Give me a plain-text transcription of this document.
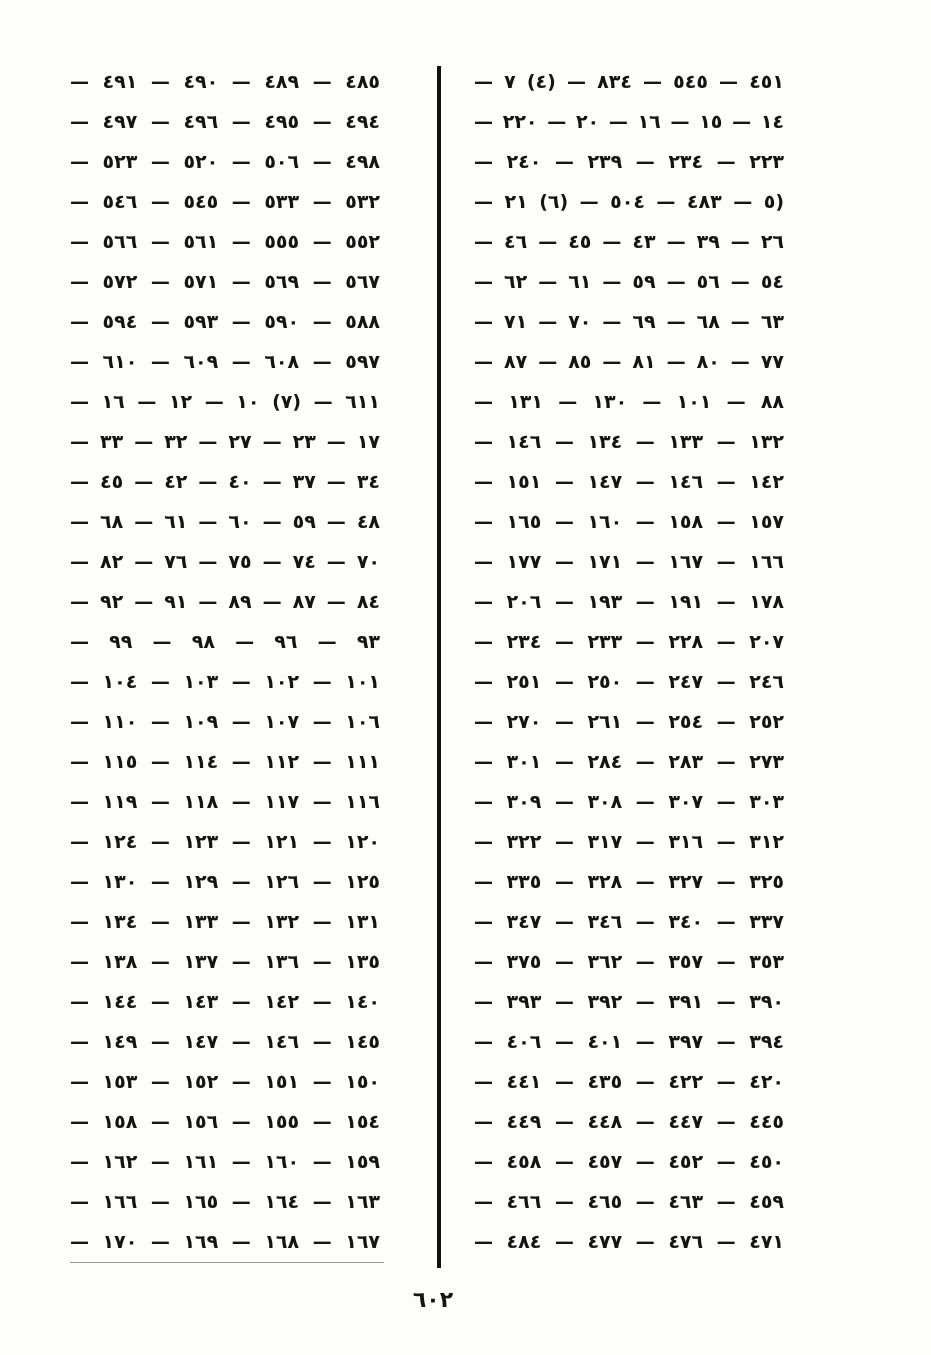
٤٥١ — ٥٤٥ — ٨٣٤ — (٤) ٧ —
١٤ — ١٥ — ١٦ — ٢٠ — ٢٢٠ —
٢٢٣ — ٢٣٤ — ٢٣٩ — ٢٤٠ —
(٥ — ٤٨٣ — ٥٠٤ — (٦) ٢١ —
٢٦ — ٣٩ — ٤٣ — ٤٥ — ٤٦ —
٥٤ — ٥٦ — ٥٩ — ٦١ — ٦٢ —
٦٣ — ٦٨ — ٦٩ — ٧٠ — ٧١ —
٧٧ — ٨٠ — ٨١ — ٨٥ — ٨٧ —
٨٨ — ١٠١ — ١٣٠ — ١٣١ —
١٣٢ — ١٣٣ — ١٣٤ — ١٤٦ —
١٤٢ — ١٤٦ — ١٤٧ — ١٥١ —
١٥٧ — ١٥٨ — ١٦٠ — ١٦٥ —
١٦٦ — ١٦٧ — ١٧١ — ١٧٧ —
١٧٨ — ١٩١ — ١٩٣ — ٢٠٦ —
٢٠٧ — ٢٢٨ — ٢٣٣ — ٢٣٤ —
٢٤٦ — ٢٤٧ — ٢٥٠ — ٢٥١ —
٢٥٢ — ٢٥٤ — ٢٦١ — ٢٧٠ —
٢٧٣ — ٢٨٣ — ٢٨٤ — ٣٠١ —
٣٠٣ — ٣٠٧ — ٣٠٨ — ٣٠٩ —
٣١٢ — ٣١٦ — ٣١٧ — ٣٢٢ —
٣٢٥ — ٣٢٧ — ٣٢٨ — ٣٣٥ —
٣٣٧ — ٣٤٠ — ٣٤٦ — ٣٤٧ —
٣٥٣ — ٣٥٧ — ٣٦٢ — ٣٧٥ —
٣٩٠ — ٣٩١ — ٣٩٢ — ٣٩٣ —
٣٩٤ — ٣٩٧ — ٤٠١ — ٤٠٦ —
٤٢٠ — ٤٢٢ — ٤٣٥ — ٤٤١ —
٤٤٥ — ٤٤٧ — ٤٤٨ — ٤٤٩ —
٤٥٠ — ٤٥٢ — ٤٥٧ — ٤٥٨ —
٤٥٩ — ٤٦٣ — ٤٦٥ — ٤٦٦ —
٤٧١ — ٤٧٦ — ٤٧٧ — ٤٨٤ —
٤٨٥ — ٤٨٩ — ٤٩٠ — ٤٩١ —
٤٩٤ — ٤٩٥ — ٤٩٦ — ٤٩٧ —
٤٩٨ — ٥٠٦ — ٥٢٠ — ٥٢٣ —
٥٣٢ — ٥٣٣ — ٥٤٥ — ٥٤٦ —
٥٥٢ — ٥٥٥ — ٥٦١ — ٥٦٦ —
٥٦٧ — ٥٦٩ — ٥٧١ — ٥٧٢ —
٥٨٨ — ٥٩٠ — ٥٩٣ — ٥٩٤ —
٥٩٧ — ٦٠٨ — ٦٠٩ — ٦١٠ —
٦١١ — (٧) ١٠ — ١٢ — ١٦ —
١٧ — ٢٣ — ٢٧ — ٣٢ — ٣٣ —
٣٤ — ٣٧ — ٤٠ — ٤٢ — ٤٥ —
٤٨ — ٥٩ — ٦٠ — ٦١ — ٦٨ —
٧٠ — ٧٤ — ٧٥ — ٧٦ — ٨٢ —
٨٤ — ٨٧ — ٨٩ — ٩١ — ٩٢ —
٩٣ — ٩٦ — ٩٨ — ٩٩ —
١٠١ — ١٠٢ — ١٠٣ — ١٠٤ —
١٠٦ — ١٠٧ — ١٠٩ — ١١٠ —
١١١ — ١١٢ — ١١٤ — ١١٥ —
١١٦ — ١١٧ — ١١٨ — ١١٩ —
١٢٠ — ١٢١ — ١٢٣ — ١٢٤ —
١٢٥ — ١٢٦ — ١٢٩ — ١٣٠ —
١٣١ — ١٣٢ — ١٣٣ — ١٣٤ —
١٣٥ — ١٣٦ — ١٣٧ — ١٣٨ —
١٤٠ — ١٤٢ — ١٤٣ — ١٤٤ —
١٤٥ — ١٤٦ — ١٤٧ — ١٤٩ —
١٥٠ — ١٥١ — ١٥٢ — ١٥٣ —
١٥٤ — ١٥٥ — ١٥٦ — ١٥٨ —
١٥٩ — ١٦٠ — ١٦١ — ١٦٢ —
١٦٣ — ١٦٤ — ١٦٥ — ١٦٦ —
١٦٧ — ١٦٨ — ١٦٩ — ١٧٠ —
٦٠٢
